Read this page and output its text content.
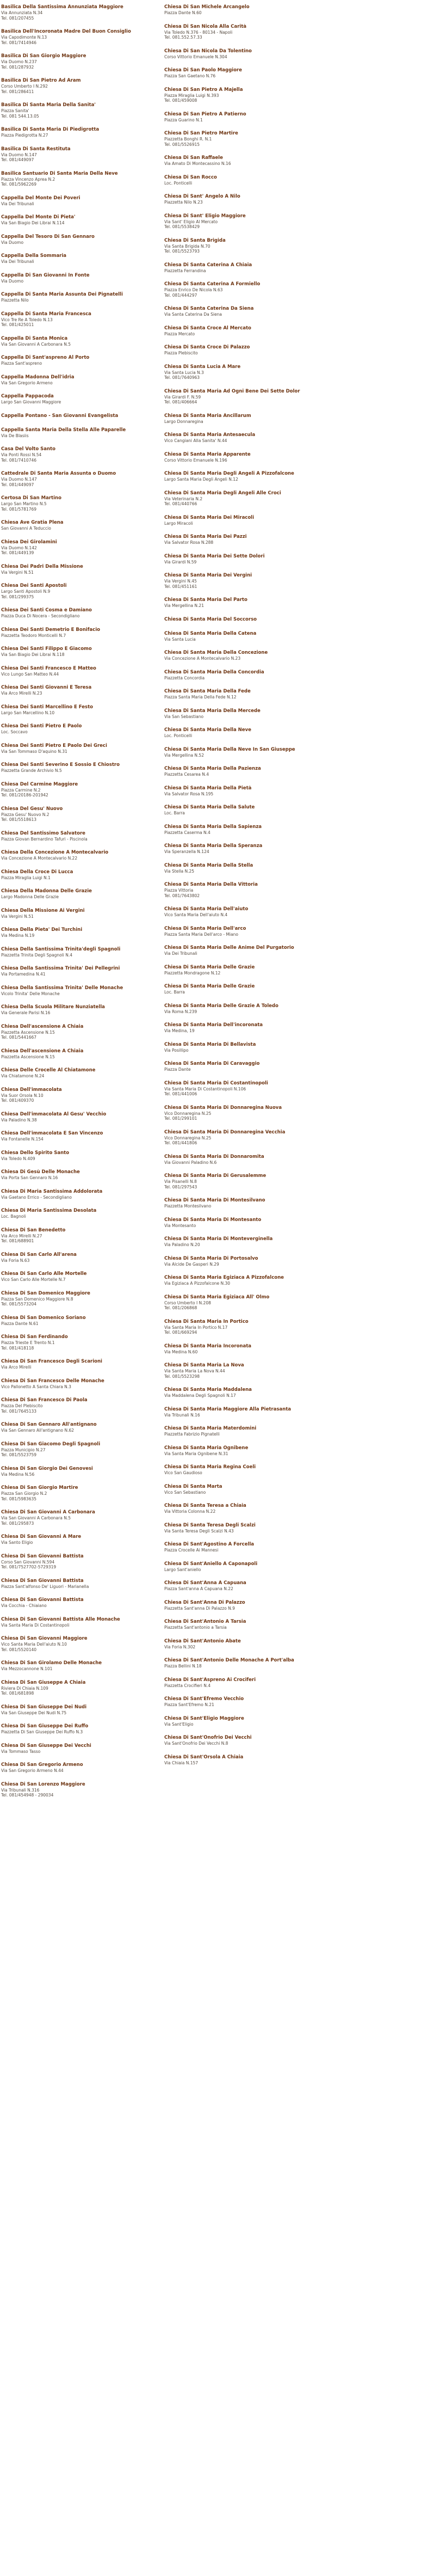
Basilica Della Santissima Annunziata Maggiore
Via Annunziata N.34
Tel. 081/207455
Basilica Dell'Incoronata Madre Del Buon Consiglio
Via Capodimonte N.13
Tel. 081/7414946
Basilica Di San Giorgio Maggiore
Via Duomo N.237
Tel. 081/287932
Basilica Di San Pietro Ad Aram
Corso Umberto I N.292
Tel. 081/286411
Basilica Di Santa Maria Della Sanita'
Piazza Sanita'
Tel. 081 544.13.05
Basilica Di Santa Maria Di Piedigrotta
Piazza Piedigrotta N.27
Basilica Di Santa Restituta
Via Duomo N.147
Tel. 081/449097
Basilica Santuario Di Santa Maria Della Neve
Piazza Vincenzo Aprea N.2
Tel. 081/5962269
Cappella Del Monte Dei Poveri
Via Dei Tribunali
Cappella Del Monte Di Pieta'
Via San Biagio Dei Librai N.114
Cappella Del Tesoro Di San Gennaro
Via Duomo
Cappella Della Sommaria
Via Dei Tribunali
Cappella Di San Giovanni In Fonte
Via Duomo
Cappella Di Santa Maria Assunta Dei Pignatelli
Piazzetta Nilo
Cappella Di Santa Maria Francesca
Vico Tre Re A Toledo N.13
Tel. 081/425011
Cappella Di Santa Monica
Via San Giovanni A Carbonara N.5
Cappella Di Sant'aspreno Al Porto
Piazza Sant'aspreno
Cappella Madonna Dell'idria
Via San Gregorio Armeno
Cappella Pappacoda
Largo San Giovanni Maggiore
Cappella Pontano - San Giovanni Evangelista
Cappella Santa Maria Della Stella Alle Paparelle
Via De Blasiis
Casa Del Volto Santo
Via Ponti Rossi N.54
Tel. 081/7410746
Cattedrale Di Santa Maria Assunta o Duomo
Via Duomo N.147
Tel. 081/449097
Certosa Di San Martino
Largo San Martino N.5
Tel. 081/5781769
Chiesa Ave Gratia Plena
San Giovanni A Teduccio
Chiesa Dei Girolamini
Via Duomo N.142
Tel. 081/449139
Chiesa Dei Padri Della Missione
Via Vergini N.51
Chiesa Dei Santi Apostoli
Largo Santi Apostoli N.9
Tel. 081/299375
Chiesa Dei Santi Cosma e Damiano
Piazza Duca Di Nocera - Secondigliano
Chiesa Dei Santi Demetrio E Bonifacio
Piazzetta Teodoro Monticelli N.7
Chiesa Dei Santi Filippo E Giacomo
Via San Biagio Dei Librai N.118
Chiesa Dei Santi Francesco E Matteo
Vico Lungo San Matteo N.44
Chiesa Dei Santi Giovanni E Teresa
Via Arco Mirelli N.23
Chiesa Dei Santi Marcellino E Festo
Largo San Marcellino N.10
Chiesa Dei Santi Pietro E Paolo
Loc. Soccavo
Chiesa Dei Santi Pietro E Paolo Dei Greci
Via San Tommaso D'aquino N.31
Chiesa Dei Santi Severino E Sossio E Chiostro
Piazzetta Grande Archivio N.5
Chiesa Del Carmine Maggiore
Piazza Carmine N.2
Tel. 081/20186-201942
Chiesa Del Gesu' Nuovo
Piazza Gesu' Nuovo N.2
Tel. 081/5518613
Chiesa Del Santissimo Salvatore
Piazza Giovan Bernardino Tafuri - Piscinola
Chiesa Della Concezione A Montecalvario
Via Concezione A Montecalvario N.22
Chiesa Della Croce Di Lucca
Piazza Miraglia Luigi N.1
Chiesa Della Madonna Delle Grazie
Largo Madonna Delle Grazie
Chiesa Della Missione Ai Vergini
Via Vergini N.51
Chiesa Della Pieta' Dei Turchini
Via Medina N.19
Chiesa Della Santissima Trinita'degli Spagnoli
Piazzetta Trinita Degli Spagnoli N.4
Chiesa Della Santissima Trinita' Dei Pellegrini
Via Portamedina N.41
Chiesa Della Santissima Trinita' Delle Monache
Vicolo Trinita' Delle Monache
Chiesa Della Scuola Militare Nunziatella
Via Generale Parisi N.16
Chiesa Dell'ascensione A Chiaia
Piazzetta Ascensione N.15
Tel. 081/5441667
Chiesa Dell'ascensione A Chiaia
Piazzetta Ascensione N.15
Chiesa Delle Crocelle Al Chiatamone
Via Chiatamone N.24
Chiesa Dell'immacolata
Via Suor Orsola N.10
Tel. 081/409370
Chiesa Dell'immacolata Al Gesu' Vecchio
Via Paladino N.38
Chiesa Dell'immacolata E San Vincenzo
Via Fontanelle N.154
Chiesa Dello Spirito Santo
Via Toledo N.409
Chiesa Di Gesù Delle Monache
Via Porta San Gennaro N.16
Chiesa Di Maria Santissima Addolorata
Via Gaetano Errico - Secondigliano
Chiesa Di Maria Santissima Desolata
Loc. Bagnoli
Chiesa Di San Benedetto
Via Arco Mirelli N.27
Tel. 081/688901
Chiesa Di San Carlo All'arena
Via Foria N.63
Chiesa Di San Carlo Alle Mortelle
Vico San Carlo Alle Mortelle N.7
Chiesa Di San Domenico Maggiore
Piazza San Domenico Maggiore N.8
Tel. 081/5573204
Chiesa Di San Domenico Soriano
Piazza Dante N.61
Chiesa Di San Ferdinando
Piazza Trieste E Trento N.1
Tel. 081/418118
Chiesa Di San Francesco Degli Scarioni
Via Arco Mirelli
Chiesa Di San Francesco Delle Monache
Vico Pallonetto A Santa Chiara N.3
Chiesa Di San Francesco Di Paola
Piazza Del Plebiscito
Tel. 081/7645133
Chiesa Di San Gennaro All'antignano
Via San Gennaro All'antignano N.62
Chiesa Di San Giacomo Degli Spagnoli
Piazza Municipio N.27
Tel. 081/5523759
Chiesa Di San Giorgio Dei Genovesi
Via Medina N.56
Chiesa Di San Giorgio Martire
Piazza San Giorgio N.2
Tel. 081/5983635
Chiesa Di San Giovanni A Carbonara
Via San Giovanni A Carbonara N.5
Tel. 081/295873
Chiesa Di San Giovanni A Mare
Via Santo Eligio
Chiesa Di San Giovanni Battista
Corso San Giovanni N.594
Tel. 081/7527702-5729319
Chiesa Di San Giovanni Battista
Piazza Sant'alfonso De' Liguori - Marianella
Chiesa Di San Giovanni Battista
Via Cocchia - Chiaiano
Chiesa Di San Giovanni Battista Alle Monache
Via Santa Maria Di Costantinopoli
Chiesa Di San Giovanni Maggiore
Vico Santa Maria Dell'aiuto N.10
Tel. 081/5520140
Chiesa Di San Girolamo Delle Monache
Via Mezzocannone N.101
Chiesa Di San Giuseppe A Chiaia
Riviera Di Chiaia N.109
Tel. 081/681898
Chiesa Di San Giuseppe Dei Nudi
Via San Giuseppe Dei Nudi N.75
Chiesa Di San Giuseppe Dei Ruffo
Piazzetta Di San Giuseppe Dei Ruffo N.3
Chiesa Di San Giuseppe Dei Vecchi
Via Tommaso Tasso
Chiesa Di San Gregorio Armeno
Via San Gregorio Armeno N.44
Chiesa Di San Lorenzo Maggiore
Via Tribunali N.316
Tel. 081/454948 - 290034
Chiesa Di San Michele Arcangelo
Piazza Dante N.60
Chiesa Di San Nicola Alla Carità
Via Toledo N.376 - 80134 - Napoli
Tel. 081.552.57.33
Chiesa Di San Nicola Da Tolentino
Corso Vittorio Emanuele N.304
Chiesa Di San Paolo Maggiore
Piazza San Gaetano N.76
Chiesa Di San Pietro A Majella
Piazza Miraglia Luigi N.393
Tel. 081/459008
Chiesa Di San Pietro A Patierno
Piazza Guarino N.1
Chiesa Di San Pietro Martire
Piazzetta Bonghi R. N.1
Tel. 081/5526915
Chiesa Di San Raffaele
Via Amato Di Montecassino N.16
Chiesa Di San Rocco
Loc. Ponticelli
Chiesa Di Sant' Angelo A Nilo
Piazzetta Nilo N.23
Chiesa Di Sant' Eligio Maggiore
Via Sant' Eligio Al Mercato
Tel. 081/5538429
Chiesa Di Santa Brigida
Via Santa Brigida N.70
Tel. 081/5523793
Chiesa Di Santa Caterina A Chiaia
Piazzetta Ferrandina
Chiesa Di Santa Caterina A Formiello
Piazza Enrico De Nicola N.63
Tel. 081/444297
Chiesa Di Santa Caterina Da Siena
Via Santa Caterina Da Siena
Chiesa Di Santa Croce Al Mercato
Piazza Mercato
Chiesa Di Santa Croce Di Palazzo
Piazza Plebiscito
Chiesa Di Santa Lucia A Mare
Via Santa Lucia N.3
Tel. 081/7640963
Chiesa Di Santa Maria Ad Ogni Bene Dei Sette Dolor
Via Girardi F. N.59
Tel. 081/406664
Chiesa Di Santa Maria Ancillarum
Largo Donnaregina
Chiesa Di Santa Maria Antesaecula
Vico Cangiani Alla Sanita' N.44
Chiesa Di Santa Maria Apparente
Corso Vittorio Emanuele N.196
Chiesa Di Santa Maria Degli Angeli A Pizzofalcone
Largo Santa Maria Degli Angeli N.12
Chiesa Di Santa Maria Degli Angeli Alle Croci
Via Veterinaria N.2
Tel. 081/440766
Chiesa Di Santa Maria Dei Miracoli
Largo Miracoli
Chiesa Di Santa Maria Dei Pazzi
Via Salvator Rosa N.288
Chiesa Di Santa Maria Dei Sette Dolori
Via Girardi N.59
Chiesa Di Santa Maria Dei Vergini
Via Vergini N.45
Tel. 081/451161
Chiesa Di Santa Maria Del Parto
Via Mergellina N.21
Chiesa Di Santa Maria Del Soccorso
Chiesa Di Santa Maria Della Catena
Via Santa Lucia
Chiesa Di Santa Maria Della Concezione
Via Concezione A Montecalvario N.23
Chiesa Di Santa Maria Della Concordia
Piazzetta Concordia
Chiesa Di Santa Maria Della Fede
Piazza Santa Maria Della Fede N.12
Chiesa Di Santa Maria Della Mercede
Via San Sebastiano
Chiesa Di Santa Maria Della Neve
Loc. Ponticelli
Chiesa Di Santa Maria Della Neve In San Giuseppe
Via Mergellina N.52
Chiesa Di Santa Maria Della Pazienza
Piazzetta Cesarea N.4
Chiesa Di Santa Maria Della Pietà
Via Salvator Rosa N.195
Chiesa Di Santa Maria Della Salute
Loc. Barra
Chiesa Di Santa Maria Della Sapienza
Piazzetta Caserma N.4
Chiesa Di Santa Maria Della Speranza
Via Speranzella N.124
Chiesa Di Santa Maria Della Stella
Via Stella N.25
Chiesa Di Santa Maria Della Vittoria
Piazza Vittoria
Tel. 081/7643802
Chiesa Di Santa Maria Dell'aiuto
Vico Santa Maria Dell'aiuto N.4
Chiesa Di Santa Maria Dell'arco
Piazza Santa Maria Dell'arco - Miano
Chiesa Di Santa Maria Delle Anime Del Purgatorio
Via Dei Tribunali
Chiesa Di Santa Maria Delle Grazie
Piazzetta Mondragone N.12
Chiesa Di Santa Maria Delle Grazie
Loc. Barra
Chiesa Di Santa Maria Delle Grazie A Toledo
Via Roma N.239
Chiesa Di Santa Maria Dell'incoronata
Via Medina, 19
Chiesa Di Santa Maria Di Bellavista
Via Posillipo
Chiesa Di Santa Maria Di Caravaggio
Piazza Dante
Chiesa Di Santa Maria Di Costantinopoli
Via Santa Maria Di Costantinopoli N.106
Tel. 081/441006
Chiesa Di Santa Maria Di Donnaregina Nuova
Vico Donnaregina N.25
Tel. 081/299101
Chiesa Di Santa Maria Di Donnaregina Vecchia
Vico Donnaregina N.25
Tel. 081/441806
Chiesa Di Santa Maria Di Donnaromita
Via Giovanni Paladino N.6
Chiesa Di Santa Maria Di Gerusalemme
Via Pisanelli N.8
Tel. 081/297543
Chiesa Di Santa Maria Di Montesilvano
Piazzetta Montesilvano
Chiesa Di Santa Maria Di Montesanto
Via Montesanto
Chiesa Di Santa Maria Di Monteverginella
Via Paladino N.20
Chiesa Di Santa Maria Di Portosalvo
Via Alcide De Gasperi N.29
Chiesa Di Santa Maria Egiziaca A Pizzofalcone
Via Egiziaca A Pizzofalcone N.30
Chiesa Di Santa Maria Egiziaca All' Olmo
Corso Umberto I N.208
Tel. 081/206868
Chiesa Di Santa Maria In Portico
Via Santa Maria In Portico N.17
Tel. 081/669294
Chiesa Di Santa Maria Incoronata
Via Medina N.60
Chiesa Di Santa Maria La Nova
Via Santa Maria La Nova N.44
Tel. 081/5523298
Chiesa Di Santa Maria Maddalena
Via Maddalena Degli Spagnoli N.17
Chiesa Di Santa Maria Maggiore Alla Pietrasanta
Via Tribunali N.16
Chiesa Di Santa Maria Materdomini
Piazzetta Fabrizio Pignatelli
Chiesa Di Santa Maria Ognibene
Via Santa Maria Ognibene N.31
Chiesa Di Santa Maria Regina Coeli
Vico San Gaudioso
Chiesa Di Santa Marta
Vico San Sebastiano
Chiesa Di Santa Teresa a Chiaia
Via Vittoria Colonna N.22
Chiesa Di Santa Teresa Degli Scalzi
Via Santa Teresa Degli Scalzi N.43
Chiesa Di Sant'Agostino A Forcella
Piazza Crocelle Ai Mannesi
Chiesa Di Sant'Aniello A Caponapoli
Largo Sant'aniello
Chiesa Di Sant'Anna A Capuana
Piazza Sant'anna A Capuana N.22
Chiesa Di Sant'Anna Di Palazzo
Piazzetta Sant'anna Di Palazzo N.9
Chiesa Di Sant'Antonio A Tarsia
Piazzetta Sant'antonio a Tarsia
Chiesa Di Sant'Antonio Abate
Via Foria N.302
Chiesa Di Sant'Antonio Delle Monache A Port'alba
Piazza Bellini N.18
Chiesa Di Sant'Aspreno Ai Crociferi
Piazzetta Crocifieri N.4
Chiesa Di Sant'Efremo Vecchio
Piazza Sant'Efremo N.21
Chiesa Di Sant'Eligio Maggiore
Via Sant'Eligio
Chiesa Di Sant'Onofrio Dei Vecchi
Via Sant'Onofrio Dei Vecchi N.8
Chiesa Di Sant'Orsola A Chiaia
Via Chiaia N.157
